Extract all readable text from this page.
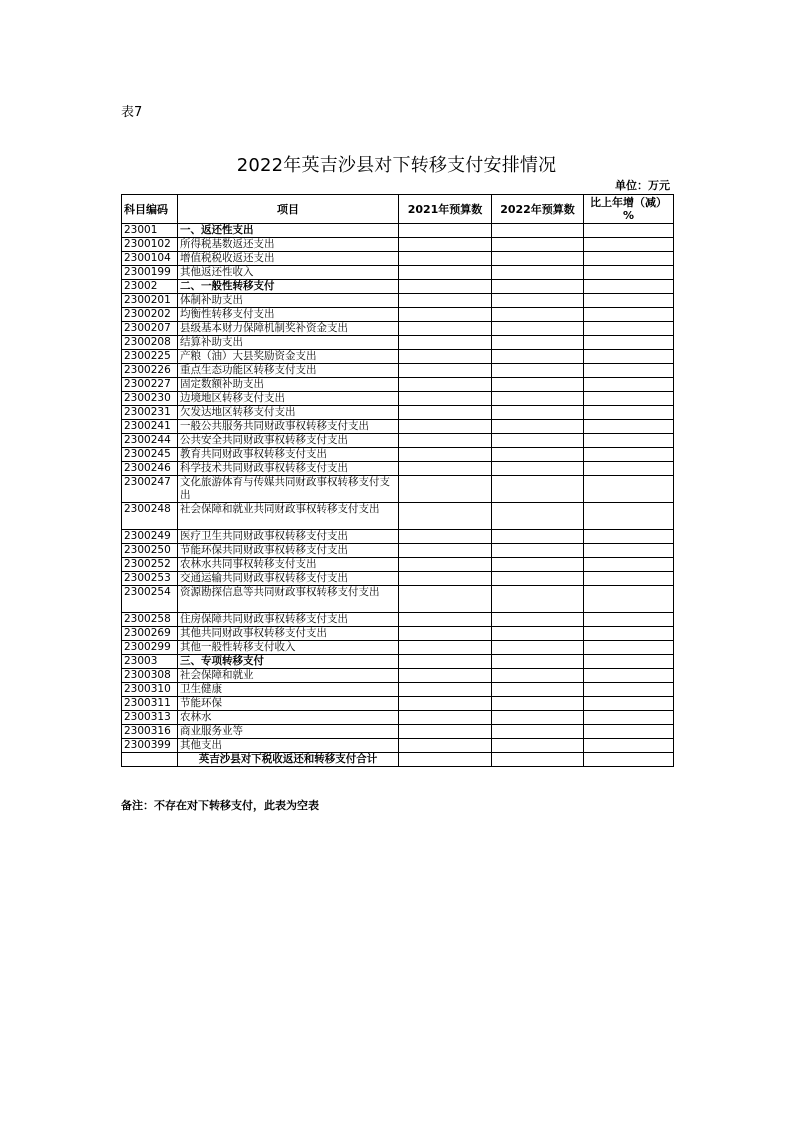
表7
2022年英吉沙县对下转移支付安排情况
单位：万元
科目编码	项目	2021年预算数	2022年预算数	比上年增（减）%
23001	一、返还性支出			
2300102	所得税基数返还支出			
2300104	增值税税收返还支出			
2300199	其他返还性收入			
23002	二、一般性转移支付			
2300201	体制补助支出			
2300202	均衡性转移支付支出			
2300207	县级基本财力保障机制奖补资金支出			
2300208	结算补助支出			
2300225	产粮（油）大县奖励资金支出			
2300226	重点生态功能区转移支付支出			
2300227	固定数额补助支出			
2300230	边境地区转移支付支出			
2300231	欠发达地区转移支付支出			
2300241	一般公共服务共同财政事权转移支付支出			
2300244	公共安全共同财政事权转移支付支出			
2300245	教育共同财政事权转移支付支出			
2300246	科学技术共同财政事权转移支付支出			
2300247	文化旅游体育与传媒共同财政事权转移支付支出			
2300248	社会保障和就业共同财政事权转移支付支出			
2300249	医疗卫生共同财政事权转移支付支出			
2300250	节能环保共同财政事权转移支付支出			
2300252	农林水共同事权转移支付支出			
2300253	交通运输共同财政事权转移支付支出			
2300254	资源勘探信息等共同财政事权转移支付支出			
2300258	住房保障共同财政事权转移支付支出			
2300269	其他共同财政事权转移支付支出			
2300299	其他一般性转移支付收入			
23003	三、专项转移支付			
2300308	社会保障和就业			
2300310	卫生健康			
2300311	节能环保			
2300313	农林水			
2300316	商业服务业等			
2300399	其他支出			
	英吉沙县对下税收返还和转移支付合计			
备注：不存在对下转移支付，此表为空表
